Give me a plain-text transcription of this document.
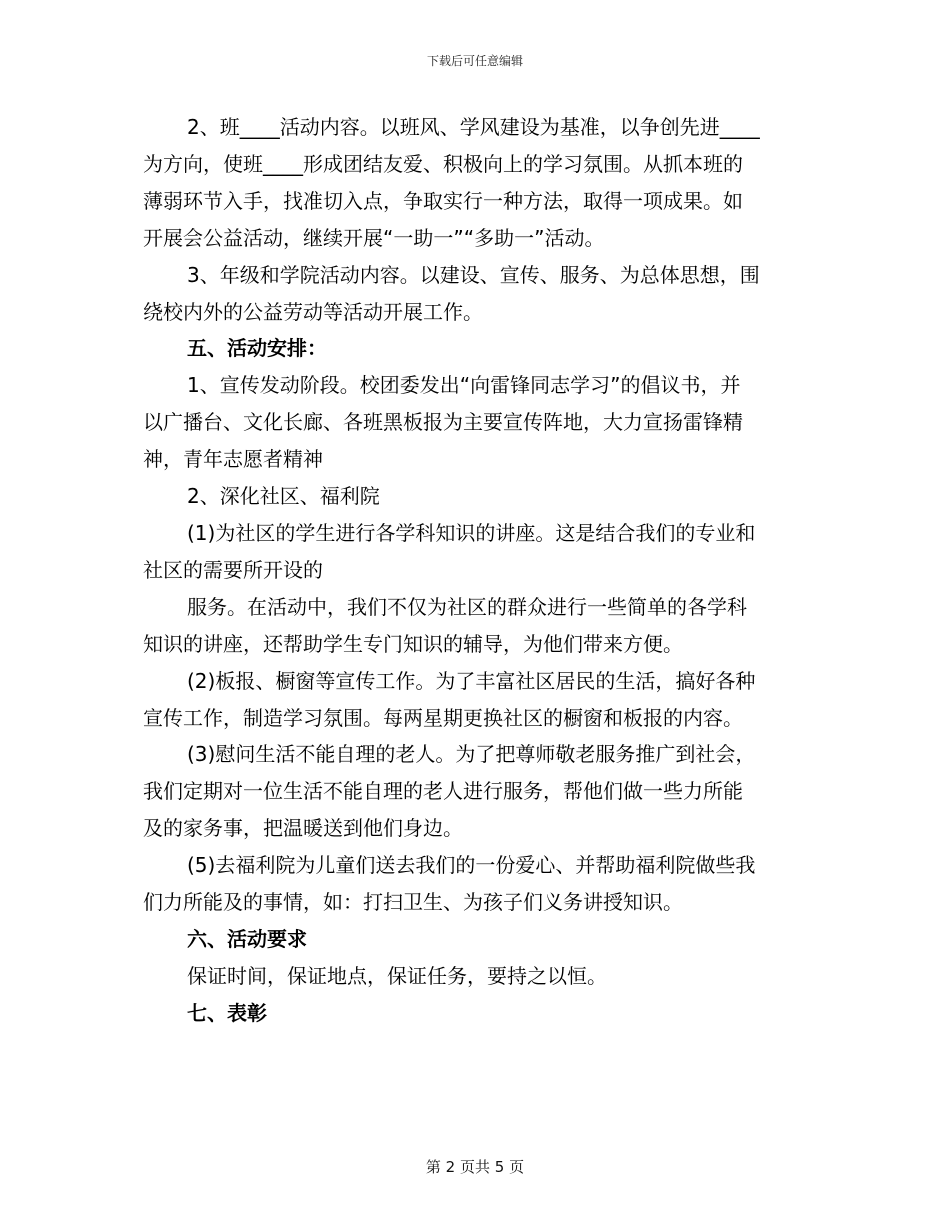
下载后可任意编辑

2、班____活动内容。以班风、学风建设为基准，以争创先进____

为方向，使班____形成团结友爱、积极向上的学习氛围。从抓本班的

薄弱环节入手，找准切入点，争取实行一种方法，取得一项成果。如

开展会公益活动，继续开展“一助一”“多助一”活动。

3、年级和学院活动内容。以建设、宣传、服务、为总体思想，围

绕校内外的公益劳动等活动开展工作。

五、活动安排：

1、宣传发动阶段。校团委发出“向雷锋同志学习”的倡议书，并

以广播台、文化长廊、各班黑板报为主要宣传阵地，大力宣扬雷锋精

神，青年志愿者精神

2、深化社区、福利院

(1)为社区的学生进行各学科知识的讲座。这是结合我们的专业和

社区的需要所开设的

服务。在活动中，我们不仅为社区的群众进行一些简单的各学科

知识的讲座，还帮助学生专门知识的辅导，为他们带来方便。

(2)板报、橱窗等宣传工作。为了丰富社区居民的生活，搞好各种

宣传工作，制造学习氛围。每两星期更换社区的橱窗和板报的内容。

(3)慰问生活不能自理的老人。为了把尊师敬老服务推广到社会，

我们定期对一位生活不能自理的老人进行服务，帮他们做一些力所能

及的家务事，把温暖送到他们身边。

(5)去福利院为儿童们送去我们的一份爱心、并帮助福利院做些我

们力所能及的事情，如：打扫卫生、为孩子们义务讲授知识。

六、活动要求

保证时间，保证地点，保证任务，要持之以恒。

七、表彰

第 2 页共 5 页
